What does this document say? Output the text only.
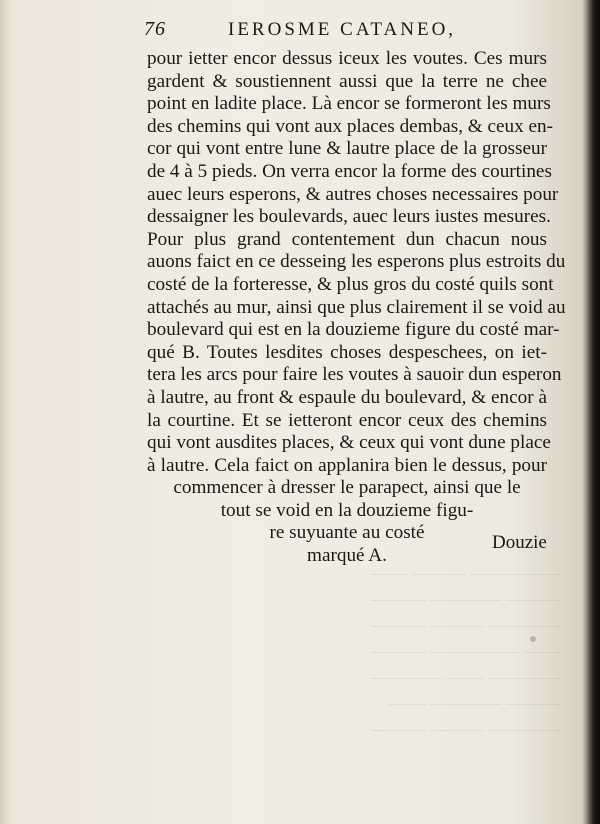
————— ——— ——
——— ———— ———
———— ——— ———
—— ————— ———
———— —— ————
——— ———— ——
———— ——— ———
76	IEROSME CATANEO,
pour ietter encor dessus iceux les voutes. Ces murs
gardent & soustiennent aussi que la terre ne chee
point en ladite place. Là encor se formeront les murs
des chemins qui vont aux places dembas, & ceux en-
cor qui vont entre lune & lautre place de la grosseur
de 4 à 5 pieds. On verra encor la forme des courtines
auec leurs esperons, & autres choses necessaires pour
dessaigner les boulevards, auec leurs iustes mesures.
Pour plus grand contentement dun chacun nous
auons faict en ce desseing les esperons plus estroits du
costé de la forteresse, & plus gros du costé quils sont
attachés au mur, ainsi que plus clairement il se void au
boulevard qui est en la douzieme figure du costé mar-
qué B. Toutes lesdites choses despeschees, on iet-
tera les arcs pour faire les voutes à sauoir dun esperon
à lautre, au front & espaule du boulevard, & encor à
la courtine. Et se ietteront encor ceux des chemins
qui vont ausdites places, & ceux qui vont dune place
à lautre. Cela faict on applanira bien le dessus, pour
commencer à dresser le parapect, ainsi que le
tout se void en la douzieme figu-
re suyuante au costé
marqué A.
Douzie
